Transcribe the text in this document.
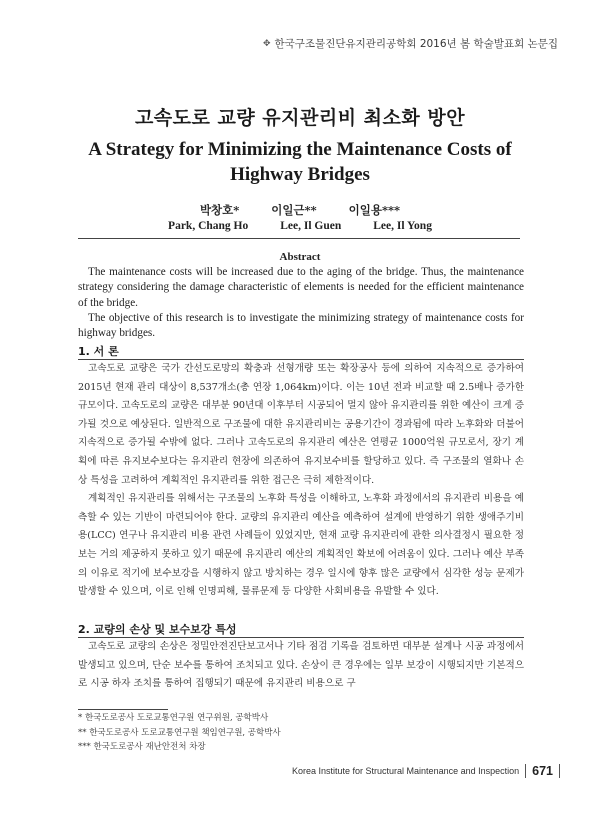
✥ 한국구조물진단유지관리공학회 2016년 봄 학술발표회 논문집
고속도로 교량 유지관리비 최소화 방안
A Strategy for Minimizing the Maintenance Costs of Highway Bridges
박창호*	이일근**	이일용***
Park, Chang Ho	Lee, Il Guen	Lee, Il Yong
Abstract

The maintenance costs will be increased due to the aging of the bridge. Thus, the maintenance strategy considering the damage characteristic of elements is needed for the efficient maintenance of the bridge.

The objective of this research is to investigate the minimizing strategy of maintenance costs for highway bridges.

1. 서 론

고속도로 교량은 국가 간선도로망의 확충과 선형개량 또는 확장공사 등에 의하여 지속적으로 증가하여 2015년 현재 관리 대상이 8,537개소(총 연장 1,064km)이다. 이는 10년 전과 비교할 때 2.5배나 증가한 규모이다. 고속도로의 교량은 대부분 90년대 이후부터 시공되어 멀지 않아 유지관리를 위한 예산이 크게 증가될 것으로 예상된다. 일반적으로 구조물에 대한 유지관리비는 공용기간이 경과됨에 따라 노후화와 더불어 지속적으로 증가될 수밖에 없다. 그러나 고속도로의 유지관리 예산은 연평균 1000억원 규모로서, 장기 계획에 따른 유지보수보다는 유지관리 현장에 의존하여 유지보수비를 할당하고 있다. 즉 구조물의 열화나 손상 특성을 고려하여 계획적인 유지관리를 위한 접근은 극히 제한적이다.

계획적인 유지관리를 위해서는 구조물의 노후화 특성을 이해하고, 노후화 과정에서의 유지관리 비용을 예측할 수 있는 기반이 마련되어야 한다. 교량의 유지관리 예산을 예측하여 설계에 반영하기 위한 생애주기비용(LCC) 연구나 유지관리 비용 관련 사례들이 있었지만, 현재 교량 유지관리에 관한 의사결정시 필요한 정보는 거의 제공하지 못하고 있기 때문에 유지관리 예산의 계획적인 확보에 어려움이 있다. 그러나 예산 부족의 이유로 적기에 보수보강을 시행하지 않고 방치하는 경우 일시에 향후 많은 교량에서 심각한 성능 문제가 발생할 수 있으며, 이로 인해 인명피해, 물류문제 등 다양한 사회비용을 유발할 수 있다.

2. 교량의 손상 및 보수보강 특성

고속도로 교량의 손상은 정밀안전진단보고서나 기타 점검 기록을 검토하면 대부분 설계나 시공 과정에서 발생되고 있으며, 단순 보수를 통하여 조치되고 있다. 손상이 큰 경우에는 일부 보강이 시행되지만 기본적으로 시공 하자 조치를 통하여 집행되기 때문에 유지관리 비용으로 구

* 한국도로공사 도로교통연구원 연구위원, 공학박사
** 한국도로공사 도로교통연구원 책임연구원, 공학박사
*** 한국도로공사 재난안전처 차장
Korea Institute for Structural Maintenance and Inspection 671
